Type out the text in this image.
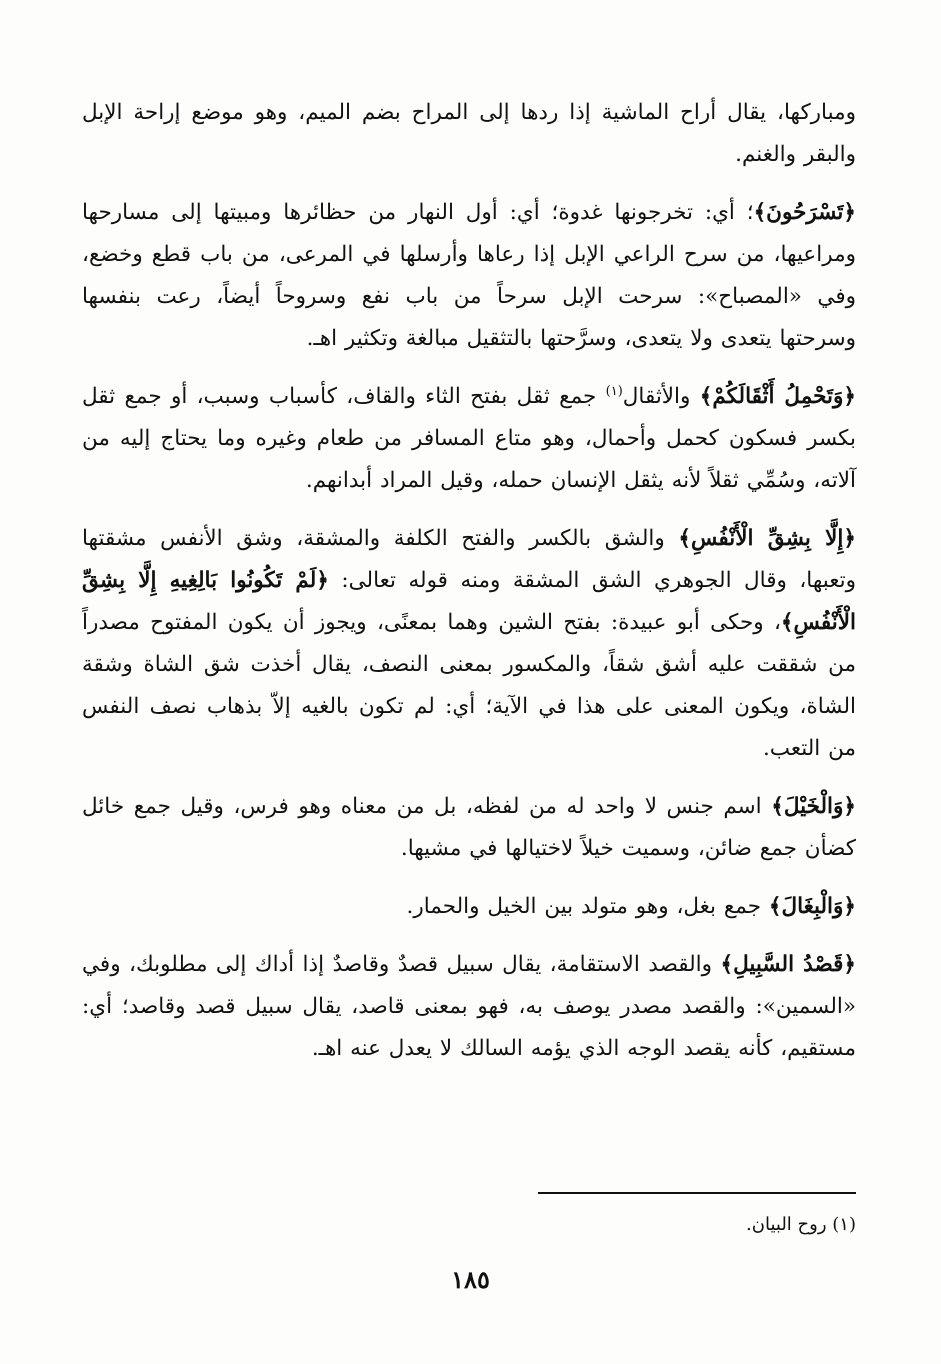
ومباركها، يقال أراح الماشية إذا ردها إلى المراح بضم الميم، وهو موضع إراحة الإبل والبقر والغنم.

﴿تَسْرَحُونَ﴾؛ أي: تخرجونها غدوة؛ أي: أول النهار من حظائرها ومبيتها إلى مسارحها ومراعيها، من سرح الراعي الإبل إذا رعاها وأرسلها في المرعى، من باب قطع وخضع، وفي «المصباح»: سرحت الإبل سرحاً من باب نفع وسروحاً أيضاً، رعت بنفسها وسرحتها يتعدى ولا يتعدى، وسرَّحتها بالتثقيل مبالغة وتكثير اهـ.

﴿وَتَحْمِلُ أَثْقَالَكُمْ﴾ والأثقال$^{(١)}$ جمع ثقل بفتح الثاء والقاف، كأسباب وسبب، أو جمع ثقل بكسر فسكون كحمل وأحمال، وهو متاع المسافر من طعام وغيره وما يحتاج إليه من آلاته، وسُمِّي ثقلاً لأنه يثقل الإنسان حمله، وقيل المراد أبدانهم.

﴿إِلَّا بِشِقِّ الْأَنْفُسِ﴾ والشق بالكسر والفتح الكلفة والمشقة، وشق الأنفس مشقتها وتعبها، وقال الجوهري الشق المشقة ومنه قوله تعالى: ﴿لَمْ تَكُونُوا بَالِغِيهِ إِلَّا بِشِقِّ الْأَنْفُسِ﴾، وحكى أبو عبيدة: بفتح الشين وهما بمعنًى، ويجوز أن يكون المفتوح مصدراً من شققت عليه أشق شقاً، والمكسور بمعنى النصف، يقال أخذت شق الشاة وشقة الشاة، ويكون المعنى على هذا في الآية؛ أي: لم تكون بالغيه إلاّ بذهاب نصف النفس من التعب.

﴿وَالْخَيْلَ﴾ اسم جنس لا واحد له من لفظه، بل من معناه وهو فرس، وقيل جمع خائل كضأن جمع ضائن، وسميت خيلاً لاختيالها في مشيها.

﴿وَالْبِغَالَ﴾ جمع بغل، وهو متولد بين الخيل والحمار.

﴿قَصْدُ السَّبِيلِ﴾ والقصد الاستقامة، يقال سبيل قصدٌ وقاصدٌ إذا أداك إلى مطلوبك، وفي «السمين»: والقصد مصدر يوصف به، فهو بمعنى قاصد، يقال سبيل قصد وقاصد؛ أي: مستقيم، كأنه يقصد الوجه الذي يؤمه السالك لا يعدل عنه اهـ.

(١) روح البيان.
١٨٥
